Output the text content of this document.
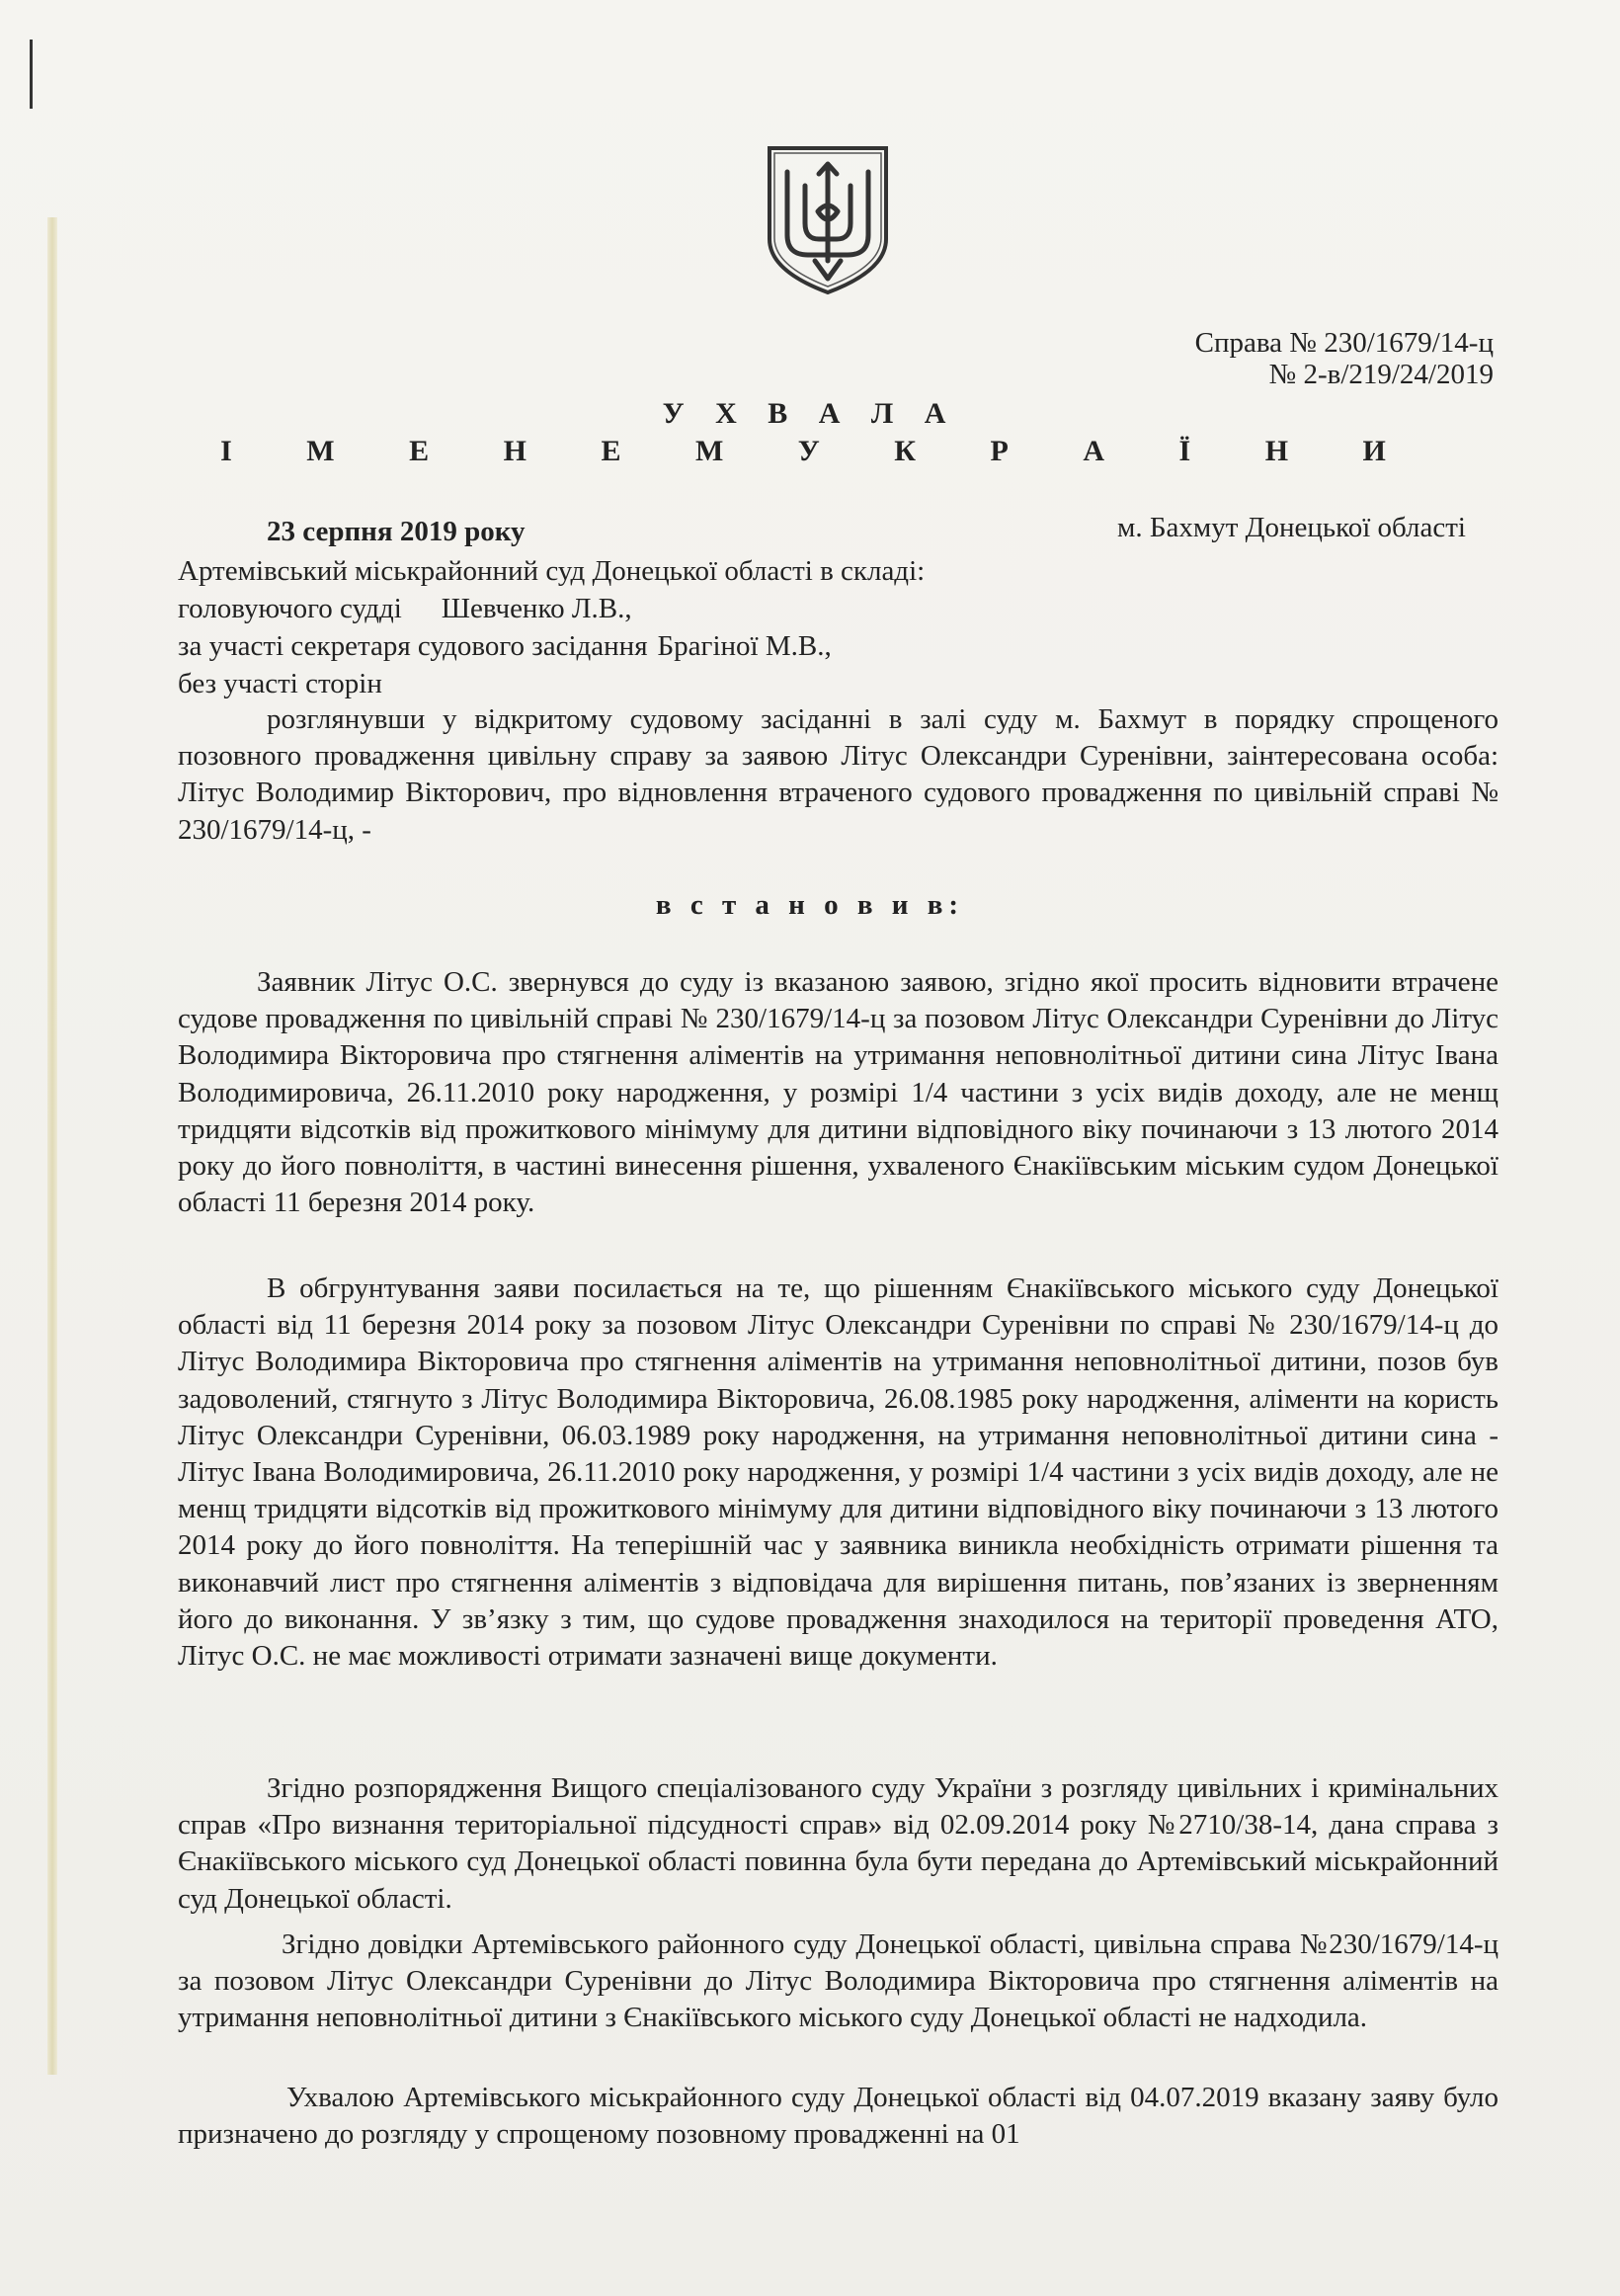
Справа № 230/1679/14-ц
№ 2-в/219/24/2019
У Х В А Л А
І М Е Н Е М У К Р А Ї Н И
23 серпня 2019 року	м. Бахмут Донецької області
Артемівський міськрайонний суд Донецької області в складі:
головуючого судді Шевченко Л.В.,
за участі секретаря судового засідання Брагіної М.В.,
без участі сторін

розглянувши у відкритому судовому засіданні в залі суду м. Бахмут в порядку спрощеного позовного провадження цивільну справу за заявою Літус Олександри Суренівни, заінтересована особа: Літус Володимир Вікторович, про відновлення втраченого судового провадження по цивільній справі № 230/1679/14-ц, -

в с т а н о в и в:

Заявник Літус О.С. звернувся до суду із вказаною заявою, згідно якої просить відновити втрачене судове провадження по цивільній справі № 230/1679/14-ц за позовом Літус Олександри Суренівни до Літус Володимира Вікторовича про стягнення аліментів на утримання неповнолітньої дитини сина Літус Івана Володимировича, 26.11.2010 року народження, у розмірі 1/4 частини з усіх видів доходу, але не менщ тридцяти відсотків від прожиткового мінімуму для дитини відповідного віку починаючи з 13 лютого 2014 року до його повноліття, в частині винесення рішення, ухваленого Єнакіївським міським судом Донецької області 11 березня 2014 року.

В обгрунтування заяви посилається на те, що рішенням Єнакіївського міського суду Донецької області від 11 березня 2014 року за позовом Літус Олександри Суренівни по справі № 230/1679/14-ц до Літус Володимира Вікторовича про стягнення аліментів на утримання неповнолітньої дитини, позов був задоволений, стягнуто з Літус Володимира Вікторовича, 26.08.1985 року народження, аліменти на користь Літус Олександри Суренівни, 06.03.1989 року народження, на утримання неповнолітньої дитини сина - Літус Івана Володимировича, 26.11.2010 року народження, у розмірі 1/4 частини з усіх видів доходу, але не менщ тридцяти відсотків від прожиткового мінімуму для дитини відповідного віку починаючи з 13 лютого 2014 року до його повноліття. На теперішній час у заявника виникла необхідність отримати рішення та виконавчий лист про стягнення аліментів з відповідача для вирішення питань, пов’язаних із зверненням його до виконання. У зв’язку з тим, що судове провадження знаходилося на території проведення АТО, Літус О.С. не має можливості отримати зазначені вище документи.

Згідно розпорядження Вищого спеціалізованого суду України з розгляду цивільних і кримінальних справ «Про визнання територіальної підсудності справ» від 02.09.2014 року №2710/38-14, дана справа з Єнакіївського міського суд Донецької області повинна була бути передана до Артемівський міськрайонний суд Донецької області.

Згідно довідки Артемівського районного суду Донецької області, цивільна справа №230/1679/14-ц за позовом Літус Олександри Суренівни до Літус Володимира Вікторовича про стягнення аліментів на утримання неповнолітньої дитини з Єнакіївського міського суду Донецької області не надходила.

Ухвалою Артемівського міськрайонного суду Донецької області від 04.07.2019 вказану заяву було призначено до розгляду у спрощеному позовному провадженні на 01
